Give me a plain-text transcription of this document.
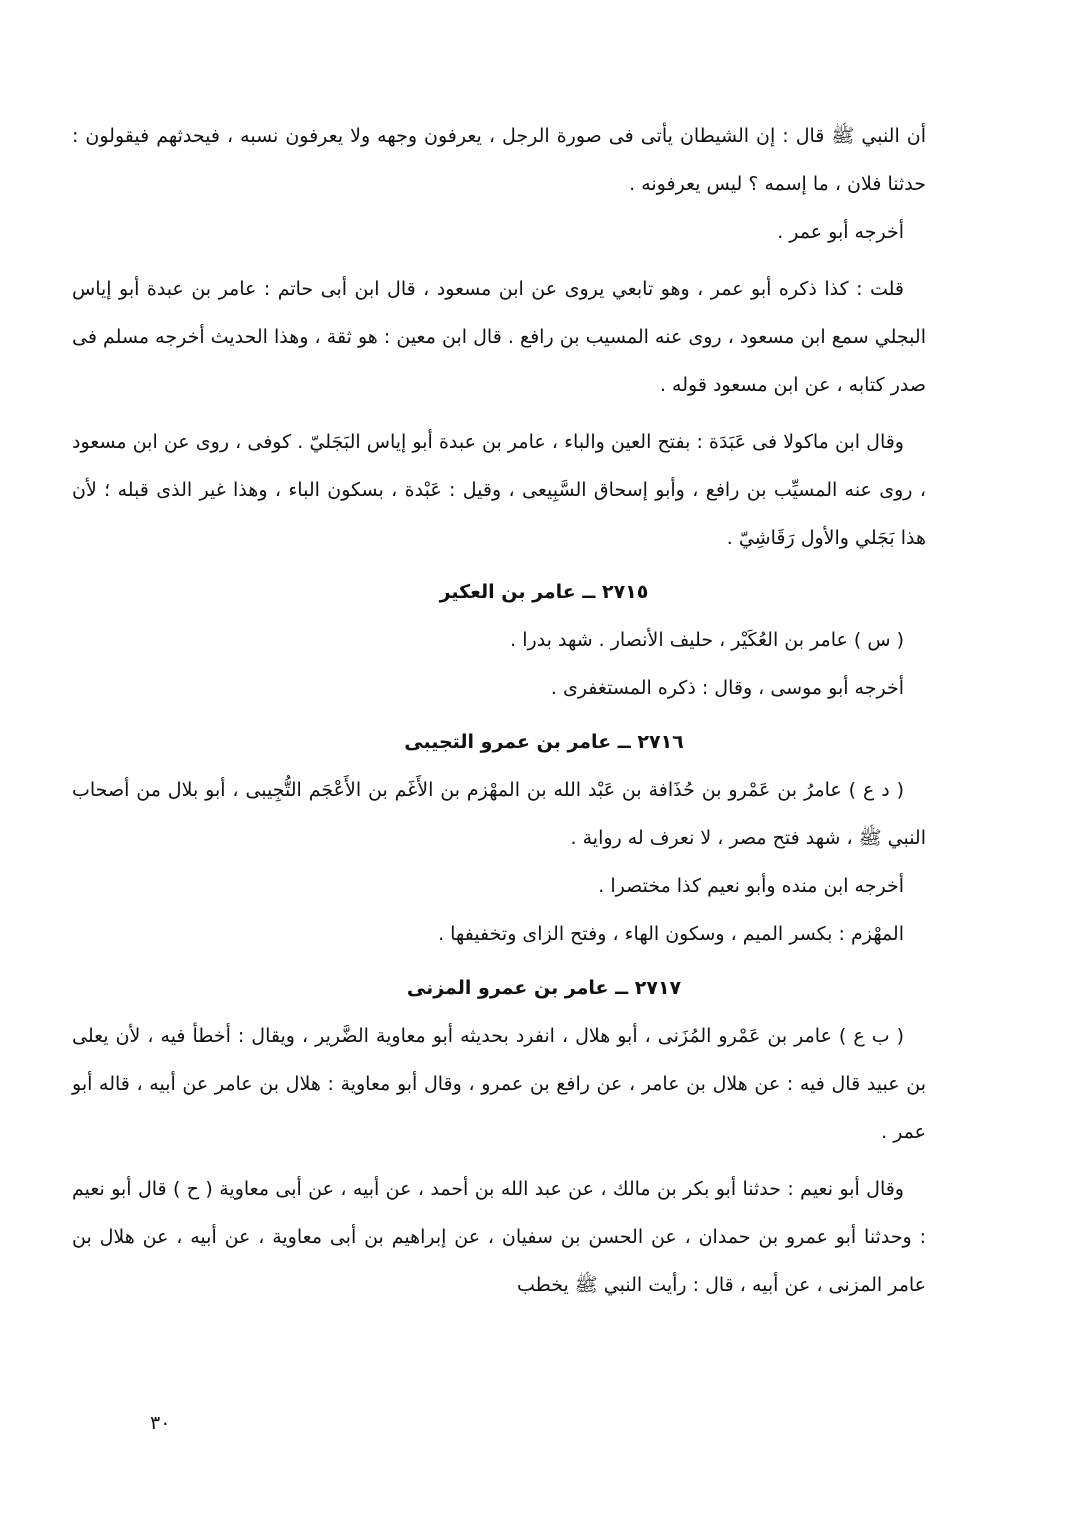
أن النبي ﷺ قال : إن الشيطان يأتى فى صورة الرجل ، يعرفون وجهه ولا يعرفون نسبه ، فيحدثهم فيقولون : حدثنا فلان ، ما إسمه ؟ ليس يعرفونه .

أخرجه أبو عمر .

قلت : كذا ذكره أبو عمر ، وهو تابعي يروى عن ابن مسعود ، قال ابن أبى حاتم : عامر بن عبدة أبو إياس البجلي سمع ابن مسعود ، روى عنه المسيب بن رافع . قال ابن معين : هو ثقة ، وهذا الحديث أخرجه مسلم فى صدر كتابه ، عن ابن مسعود قوله .

وقال ابن ماكولا فى عَبَدَة : بفتح العين والباء ، عامر بن عبدة أبو إياس البَجَليّ . كوفى ، روى عن ابن مسعود ، روى عنه المسيِّب بن رافع ، وأبو إسحاق السَّبِيعى ، وقيل : عَبْدة ، بسكون الباء ، وهذا غير الذى قبله ؛ لأن هذا بَجَلي والأول رَقَاشِيّ .

٢٧١٥ ــ عامر بن العكير

( س ) عامر بن العُكَيْر ، حليف الأنصار . شهد بدرا .

أخرجه أبو موسى ، وقال : ذكره المستغفرى .

٢٧١٦ ــ عامر بن عمرو التجيبى

( د ع ) عامرُ بن عَمْرو بن حُذَافة بن عَبْد الله بن المهْزم بن الأَغَم بن الأَعْجَم التُّجِيبى ، أبو بلال من أصحاب النبي ﷺ ، شهد فتح مصر ، لا نعرف له رواية .

أخرجه ابن منده وأبو نعيم كذا مختصرا .

المهْزم : بكسر الميم ، وسكون الهاء ، وفتح الزاى وتخفيفها .

٢٧١٧ ــ عامر بن عمرو المزنى

( ب ع ) عامر بن عَمْرو المُزَنى ، أبو هلال ، انفرد بحديثه أبو معاوية الضَّرير ، ويقال : أخطأ فيه ، لأن يعلى بن عبيد قال فيه : عن هلال بن عامر ، عن رافع بن عمرو ، وقال أبو معاوية : هلال بن عامر عن أبيه ، قاله أبو عمر .

وقال أبو نعيم : حدثنا أبو بكر بن مالك ، عن عبد الله بن أحمد ، عن أبيه ، عن أبى معاوية ( ح ) قال أبو نعيم : وحدثنا أبو عمرو بن حمدان ، عن الحسن بن سفيان ، عن إبراهيم بن أبى معاوية ، عن أبيه ، عن هلال بن عامر المزنى ، عن أبيه ، قال : رأيت النبي ﷺ يخطب

٣٠
